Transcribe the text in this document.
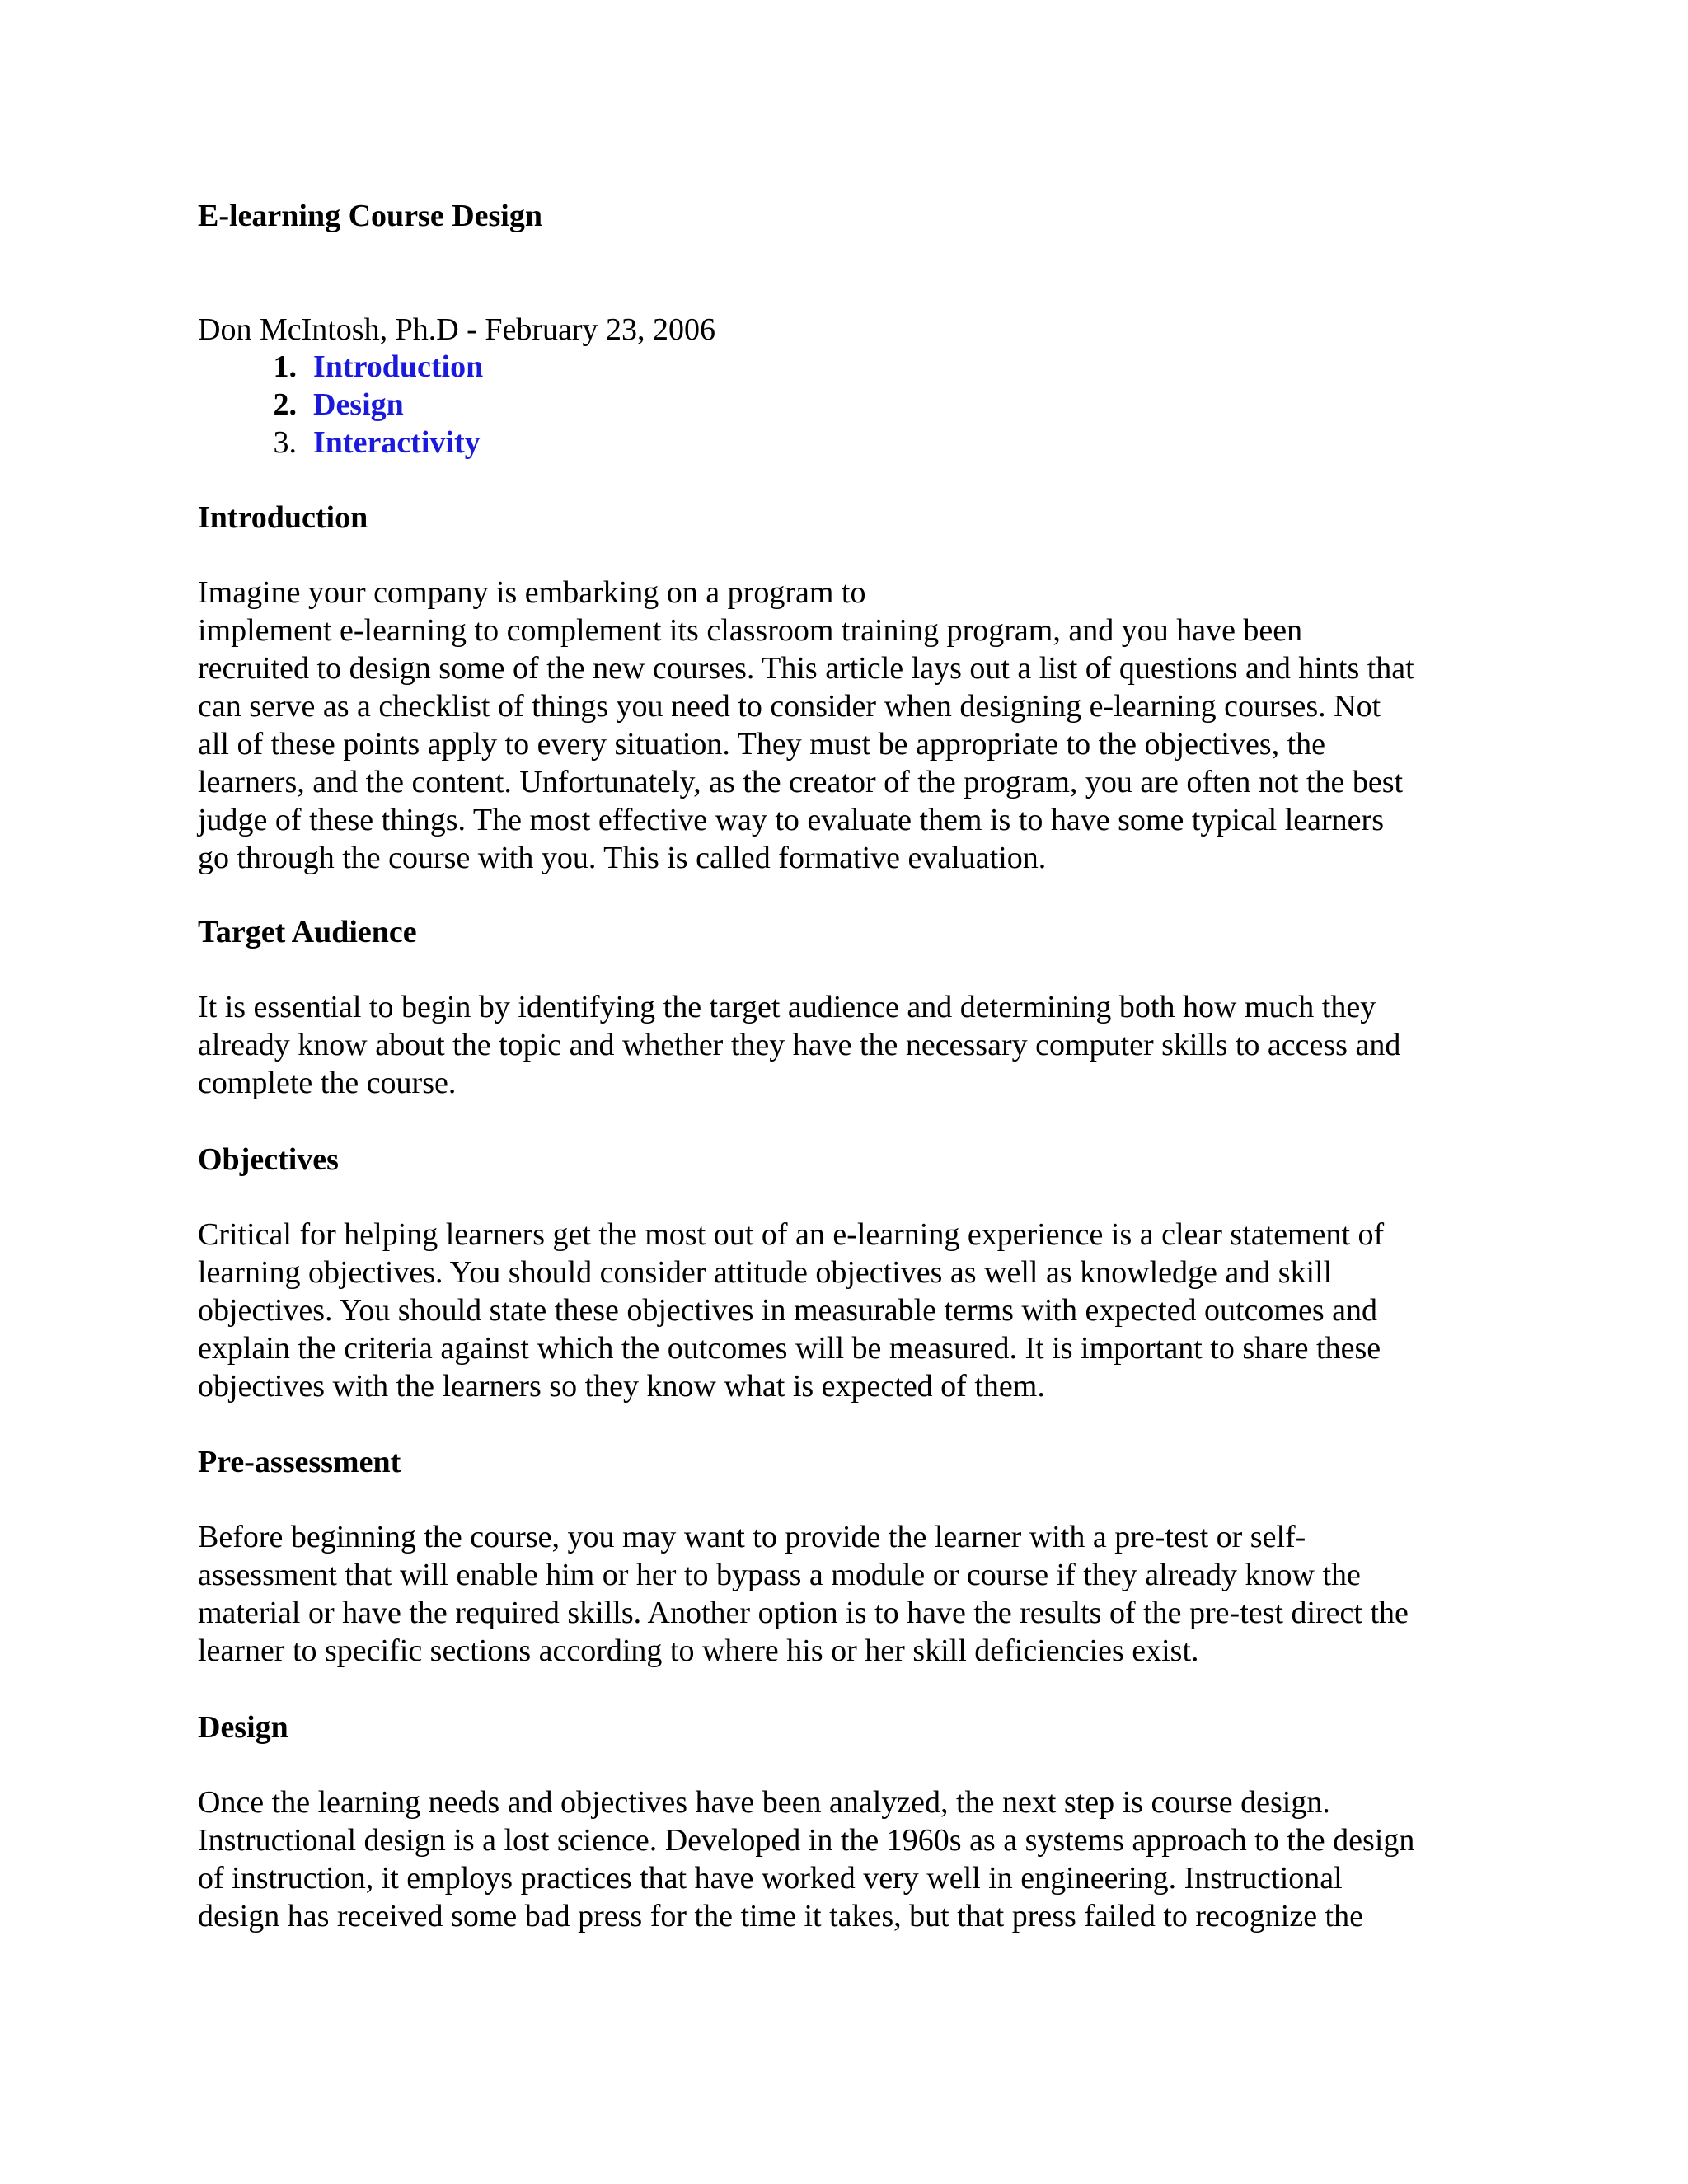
E-learning Course Design
Don McIntosh, Ph.D - February 23, 2006
1. Introduction
2. Design
3. Interactivity
Introduction
Imagine your company is embarking on a program to
implement e-learning to complement its classroom training program, and you have been
recruited to design some of the new courses. This article lays out a list of questions and hints that
can serve as a checklist of things you need to consider when designing e-learning courses. Not
all of these points apply to every situation. They must be appropriate to the objectives, the
learners, and the content. Unfortunately, as the creator of the program, you are often not the best
judge of these things. The most effective way to evaluate them is to have some typical learners
go through the course with you. This is called formative evaluation.
Target Audience
It is essential to begin by identifying the target audience and determining both how much they
already know about the topic and whether they have the necessary computer skills to access and
complete the course.
Objectives
Critical for helping learners get the most out of an e-learning experience is a clear statement of
learning objectives. You should consider attitude objectives as well as knowledge and skill
objectives. You should state these objectives in measurable terms with expected outcomes and
explain the criteria against which the outcomes will be measured. It is important to share these
objectives with the learners so they know what is expected of them.
Pre-assessment
Before beginning the course, you may want to provide the learner with a pre-test or self-
assessment that will enable him or her to bypass a module or course if they already know the
material or have the required skills. Another option is to have the results of the pre-test direct the
learner to specific sections according to where his or her skill deficiencies exist.
Design
Once the learning needs and objectives have been analyzed, the next step is course design.
Instructional design is a lost science. Developed in the 1960s as a systems approach to the design
of instruction, it employs practices that have worked very well in engineering. Instructional
design has received some bad press for the time it takes, but that press failed to recognize the
